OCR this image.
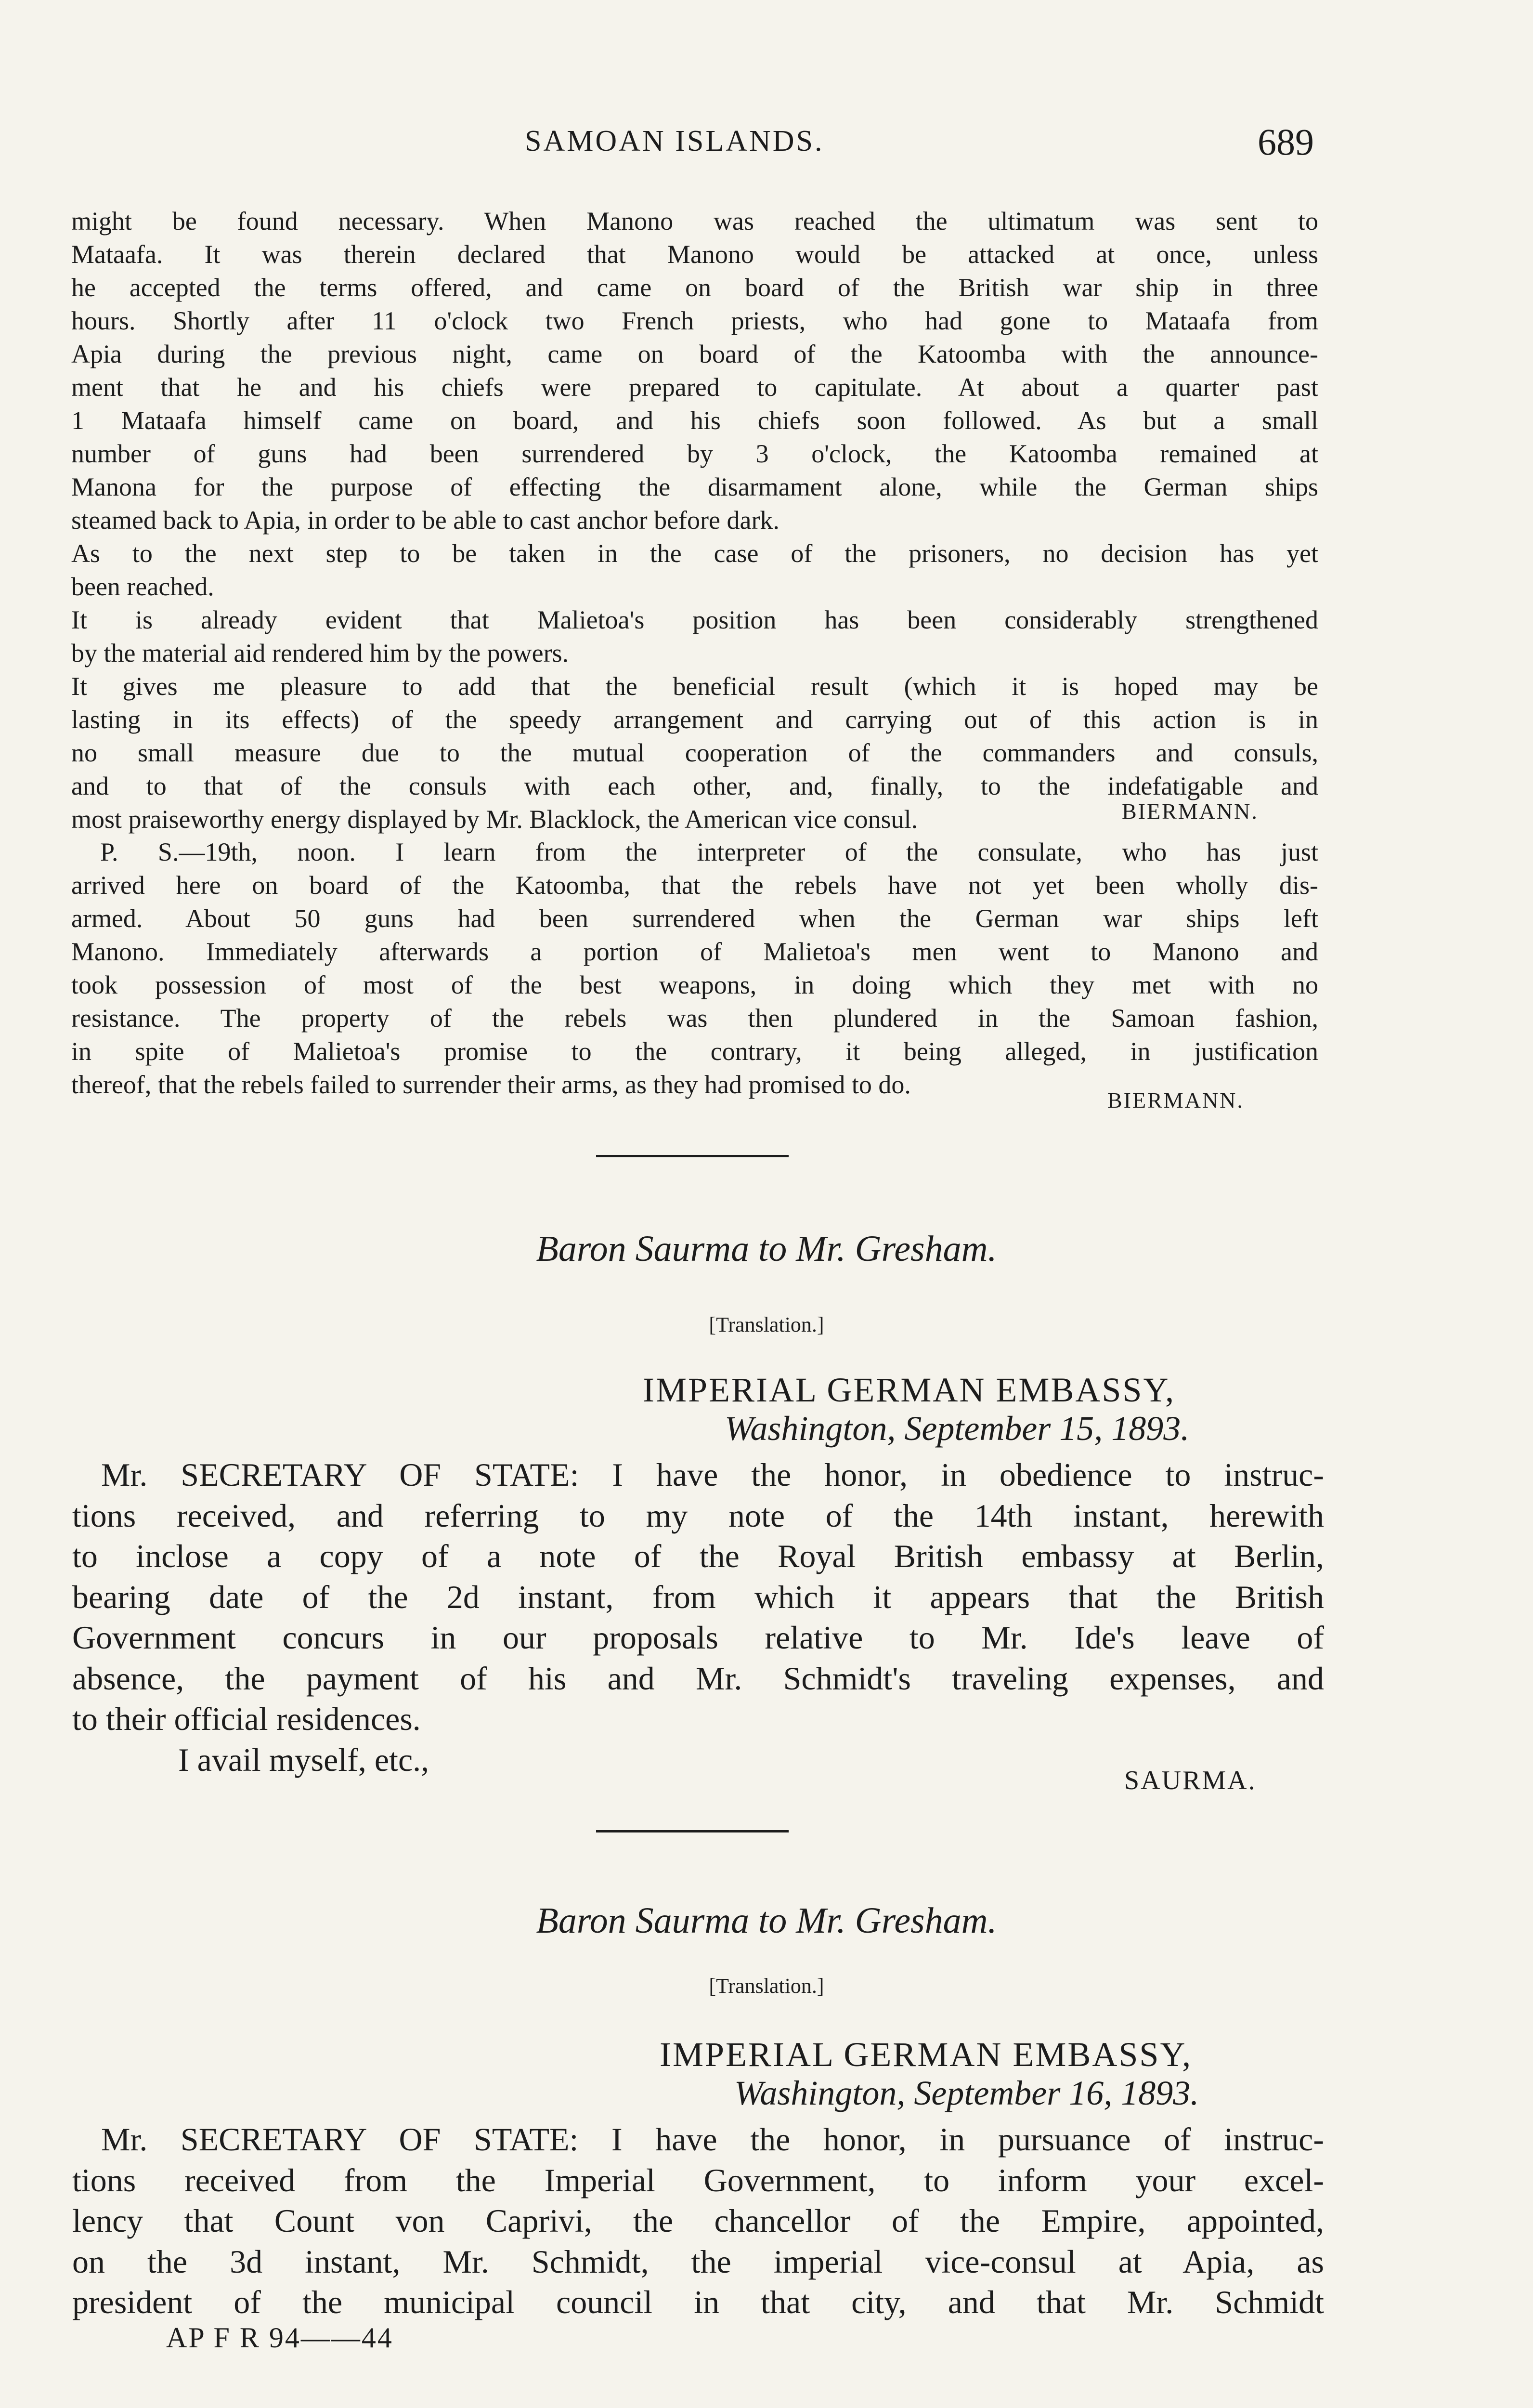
SAMOAN ISLANDS.	689
might be found necessary. When Manono was reached the ultimatum was sent to
Mataafa. It was therein declared that Manono would be attacked at once, unless
he accepted the terms offered, and came on board of the British war ship in three
hours. Shortly after 11 o'clock two French priests, who had gone to Mataafa from
Apia during the previous night, came on board of the Katoomba with the announce-
ment that he and his chiefs were prepared to capitulate. At about a quarter past
1 Mataafa himself came on board, and his chiefs soon followed. As but a small
number of guns had been surrendered by 3 o'clock, the Katoomba remained at
Manona for the purpose of effecting the disarmament alone, while the German ships
steamed back to Apia, in order to be able to cast anchor before dark.
As to the next step to be taken in the case of the prisoners, no decision has yet
been reached.
It is already evident that Malietoa's position has been considerably strengthened
by the material aid rendered him by the powers.
It gives me pleasure to add that the beneficial result (which it is hoped may be
lasting in its effects) of the speedy arrangement and carrying out of this action is in
no small measure due to the mutual cooperation of the commanders and consuls,
and to that of the consuls with each other, and, finally, to the indefatigable and
most praiseworthy energy displayed by Mr. Blacklock, the American vice consul.	BIERMANN.
P. S.—19th, noon. I learn from the interpreter of the consulate, who has just
arrived here on board of the Katoomba, that the rebels have not yet been wholly dis-
armed. About 50 guns had been surrendered when the German war ships left
Manono. Immediately afterwards a portion of Malietoa's men went to Manono and
took possession of most of the best weapons, in doing which they met with no
resistance. The property of the rebels was then plundered in the Samoan fashion,
in spite of Malietoa's promise to the contrary, it being alleged, in justification
thereof, that the rebels failed to surrender their arms, as they had promised to do.
BIERMANN.
Baron Saurma to Mr. Gresham.
[Translation.]
IMPERIAL GERMAN EMBASSY,
Washington, September 15, 1893.
Mr. SECRETARY OF STATE: I have the honor, in obedience to instruc-
tions received, and referring to my note of the 14th instant, herewith
to inclose a copy of a note of the Royal British embassy at Berlin,
bearing date of the 2d instant, from which it appears that the British
Government concurs in our proposals relative to Mr. Ide's leave of
absence, the payment of his and Mr. Schmidt's traveling expenses, and
to their official residences.
I avail myself, etc.,
SAURMA.
Baron Saurma to Mr. Gresham.
[Translation.]
IMPERIAL GERMAN EMBASSY,
Washington, September 16, 1893.
Mr. SECRETARY OF STATE: I have the honor, in pursuance of instruc-
tions received from the Imperial Government, to inform your excel-
lency that Count von Caprivi, the chancellor of the Empire, appointed,
on the 3d instant, Mr. Schmidt, the imperial vice-consul at Apia, as
president of the municipal council in that city, and that Mr. Schmidt
AP F R 94——44
